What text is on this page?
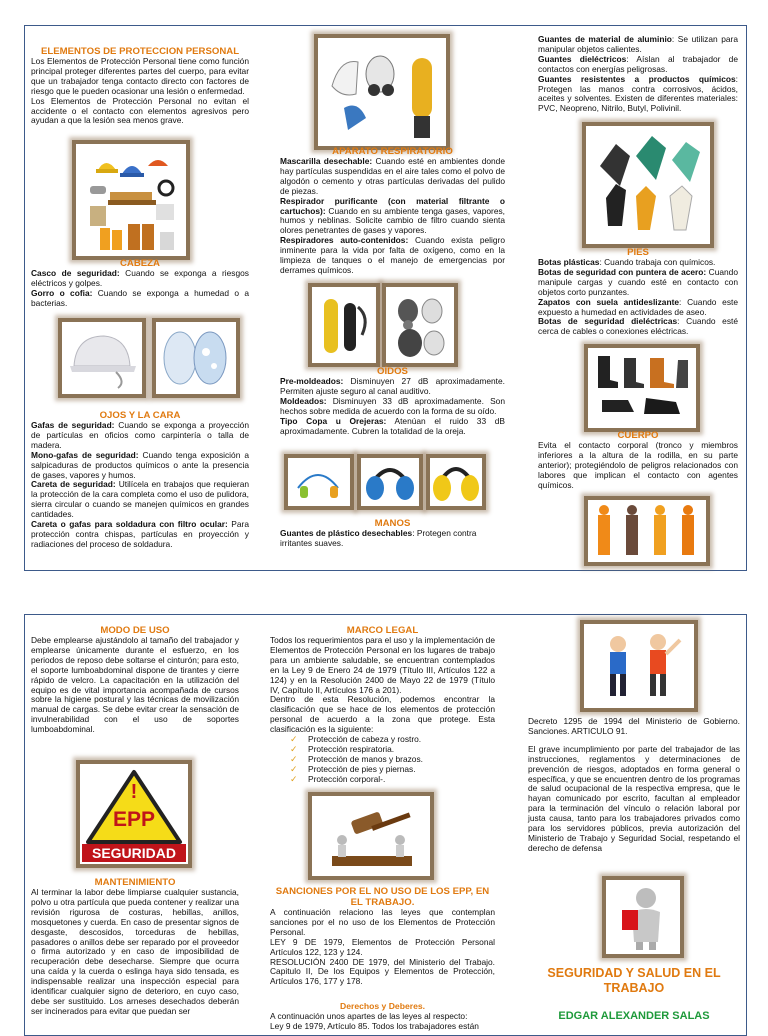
ELEMENTOS DE PROTECCION PERSONAL

Los Elementos de Protección Personal tiene como función principal proteger diferentes partes del cuerpo, para evitar que un trabajador tenga contacto directo con factores de riesgo que le pueden ocasionar una lesión o enfermedad.

Los Elementos de Protección Personal no evitan el accidente o el contacto con elementos agresivos pero ayudan a que la lesión sea menos grave.

CABEZA

Casco de seguridad: Cuando se exponga a riesgos eléctricos y golpes.

Gorro o cofia: Cuando se exponga a humedad o a bacterias.

OJOS Y LA CARA

Gafas de seguridad: Cuando se exponga a proyección de partículas en oficios como carpintería o talla de madera.

Mono-gafas de seguridad: Cuando tenga exposición a salpicaduras de productos químicos o ante la presencia de gases, vapores y humos.

Careta de seguridad: Utilícela en trabajos que requieran la protección de la cara completa como el uso de pulidora, sierra circular o cuando se manejen químicos en grandes cantidades.

Careta o gafas para soldadura con filtro ocular: Para protección contra chispas, partículas en proyección y radiaciones del proceso de soldadura.

APARATO RESPIRATORIO

Mascarilla desechable: Cuando esté en ambientes donde hay partículas suspendidas en el aire tales como el polvo de algodón o cemento y otras partículas derivadas del pulido de piezas.

Respirador purificante (con material filtrante o cartuchos): Cuando en su ambiente tenga gases, vapores, humos y neblinas. Solicite cambio de filtro cuando sienta olores penetrantes de gases y vapores.

Respiradores auto-contenidos: Cuando exista peligro inminente para la vida por falta de oxígeno, como en la limpieza de tanques o el manejo de emergencias por derrames químicos.

OÍDOS

Pre-moldeados: Disminuyen 27 dB aproximadamente. Permiten ajuste seguro al canal auditivo.

Moldeados: Disminuyen 33 dB aproximadamente. Son hechos sobre medida de acuerdo con la forma de su oído.

Tipo Copa u Orejeras: Atenúan el ruido 33 dB aproximadamente. Cubren la totalidad de la oreja.

MANOS

Guantes de plástico desechables: Protegen contra irritantes suaves.

Guantes de material de aluminio: Se utilizan para manipular objetos calientes.

Guantes dieléctricos: Aíslan al trabajador de contactos con energías peligrosas.

Guantes resistentes a productos químicos: Protegen las manos contra corrosivos, ácidos, aceites y solventes. Existen de diferentes materiales: PVC, Neopreno, Nitrilo, Butyl, Polivinil.

PIES

Botas plásticas: Cuando trabaja con químicos.

Botas de seguridad con puntera de acero: Cuando manipule cargas y cuando esté en contacto con objetos corto punzantes.

Zapatos con suela antideslizante: Cuando este expuesto a humedad en actividades de aseo.

Botas de seguridad dieléctricas: Cuando esté cerca de cables o conexiones eléctricas.

CUERPO

Evita el contacto corporal (tronco y miembros inferiores a la altura de la rodilla, en su parte anterior); protegiéndolo de peligros relacionados con labores que implican el contacto con agentes químicos.

MODO DE USO

Debe emplearse ajustándolo al tamaño del trabajador y emplearse únicamente durante el esfuerzo, en los periodos de reposo debe soltarse el cinturón; para esto, el soporte lumboabdominal dispone de tirantes y cierre rápido de velcro. La capacitación en la utilización del equipo es de vital importancia acompañada de cursos sobre la higiene postural y las técnicas de movilización manual de cargas. Se debe evitar crear la sensación de invulnerabilidad con el uso de soportes lumboabdominal.

!
EPP
SEGURIDAD

MANTENIMIENTO

Al terminar la labor debe limpiarse cualquier sustancia, polvo u otra partícula que pueda contener y realizar una revisión rigurosa de costuras, hebillas, anillos, mosquetones y cuerda. En caso de presentar signos de desgaste, descosidos, torceduras de hebillas, pasadores o anillos debe ser reparado por el proveedor o firma autorizado y en caso de imposibilidad de recuperación debe desecharse. Siempre que ocurra una caída y la cuerda o eslinga haya sido tensada, es indispensable realizar una inspección especial para identificar cualquier signo de deterioro, en cuyo caso, debe ser sustituido. Los arneses desechados deberán ser incinerados para evitar que puedan ser

MARCO LEGAL

Todos los requerimientos para el uso y la implementación de Elementos de Protección Personal en los lugares de trabajo para un ambiente saludable, se encuentran contemplados en la Ley 9 de Enero 24 de 1979 (Título III, Artículos 122 a 124) y en la Resolución 2400 de Mayo 22 de 1979 (Título IV, Capítulo II, Artículos 176 a 201).

Dentro de esta Resolución, podemos encontrar la clasificación que se hace de los elementos de protección personal de acuerdo a la zona que protege. Esta clasificación es la siguiente:

✓ Protección de cabeza y rostro.
✓ Protección respiratoria.
✓ Protección de manos y brazos.
✓ Protección de pies y piernas.
✓ Protección corporal-.

SANCIONES POR EL NO USO DE LOS EPP, EN EL TRABAJO.

A continuación relaciono las leyes que contemplan sanciones por el no uso de los Elementos de Protección Personal.

LEY 9 DE 1979, Elementos de Protección Personal Artículos 122, 123 y 124.

RESOLUCIÓN 2400 DE 1979, del Ministerio del Trabajo. Capitulo II, De los Equipos y Elementos de Protección, Artículos 176, 177 y 178.

Derechos y Deberes.

A continuación unos apartes de las leyes al respecto:

Ley 9 de 1979, Artículo 85. Todos los trabajadores están

Decreto 1295 de 1994 del Ministerio de Gobierno. Sanciones. ARTICULO 91.

El grave incumplimiento por parte del trabajador de las instrucciones, reglamentos y determinaciones de prevención de riesgos, adoptados en forma general o específica, y que se encuentren dentro de los programas de salud ocupacional de la respectiva empresa, que le hayan comunicado por escrito, facultan al empleador para la terminación del vínculo o relación laboral por justa causa, tanto para los trabajadores privados como para los servidores públicos, previa autorización del Ministerio de Trabajo y Seguridad Social, respetando el derecho de defensa

SEGURIDAD Y SALUD EN EL TRABAJO

EDGAR ALEXANDER SALAS
